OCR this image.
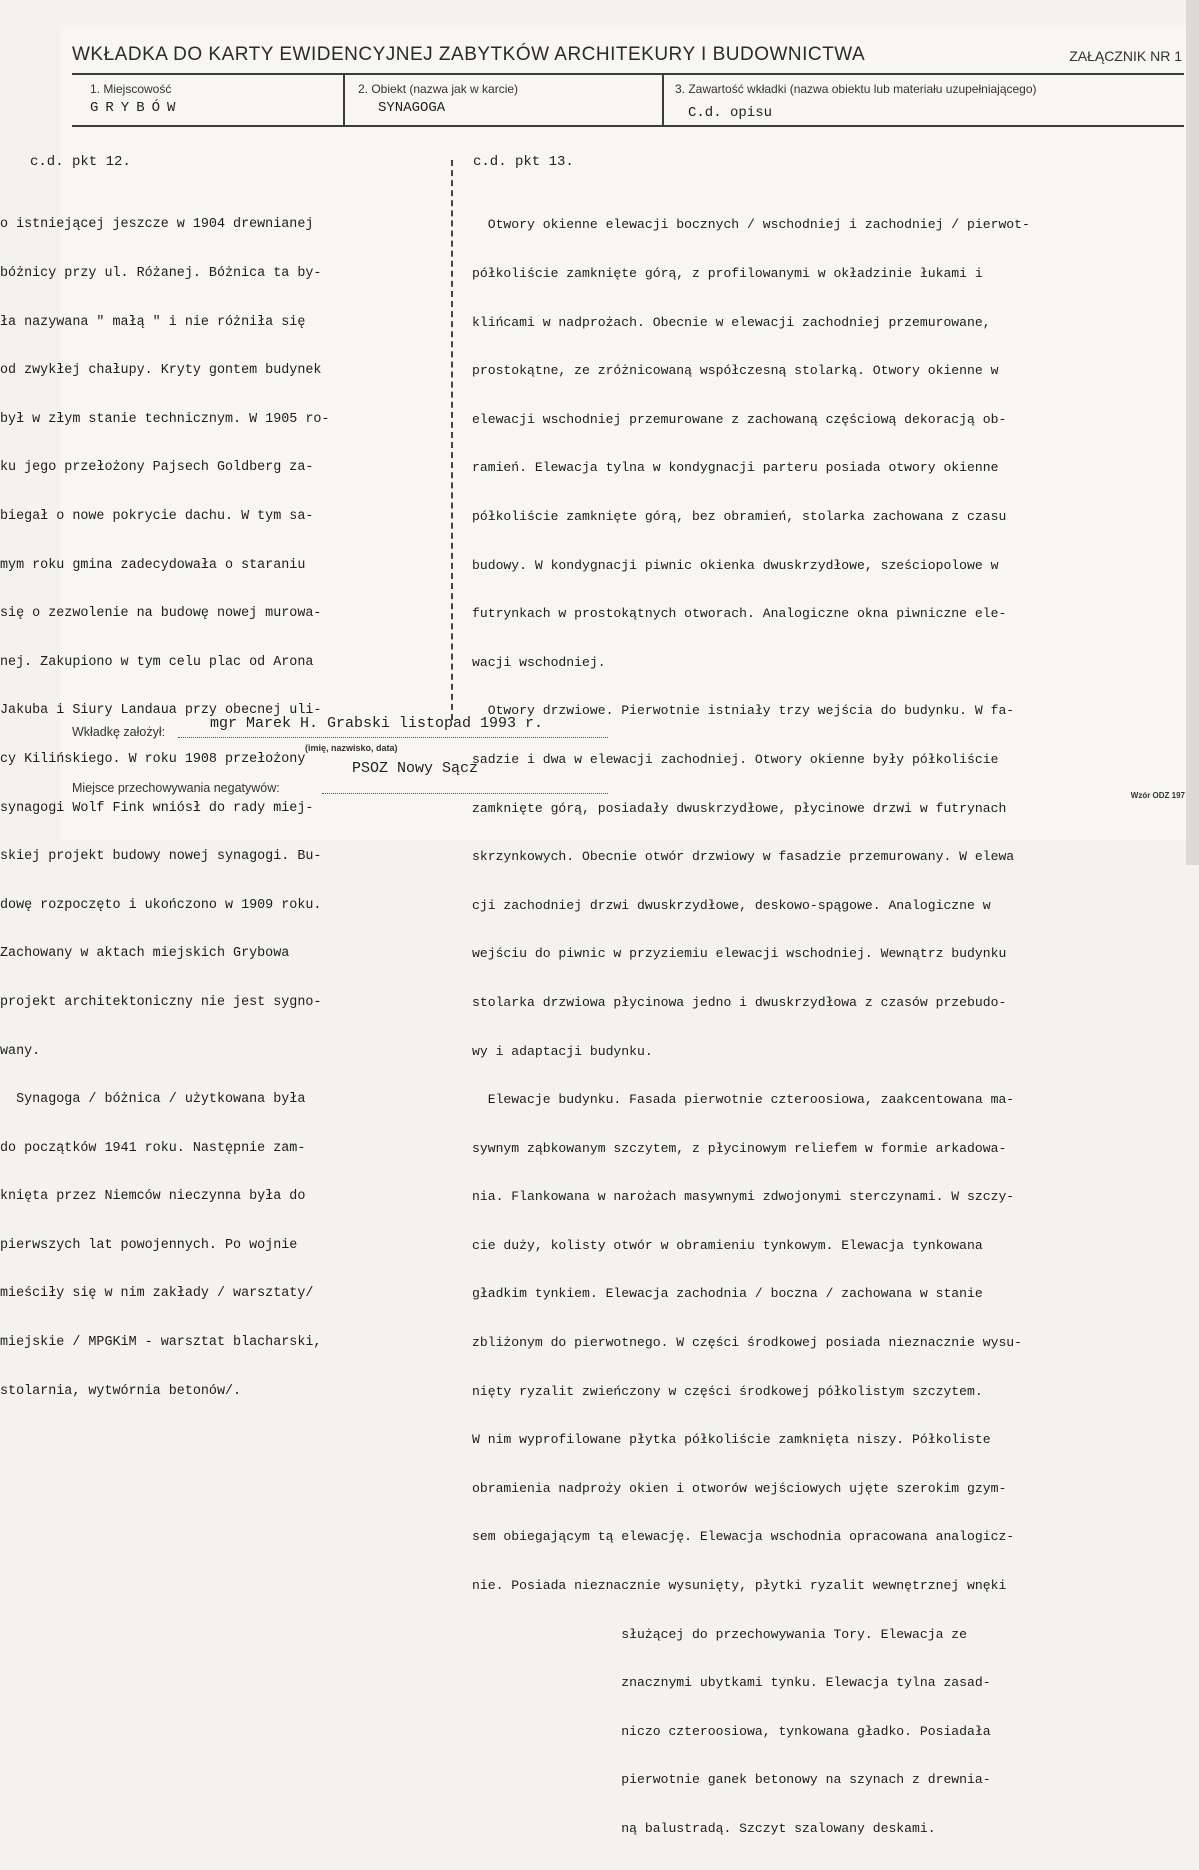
WKŁADKA DO KARTY EWIDENCYJNEJ ZABYTKÓW ARCHITEKURY I BUDOWNICTWA	ZAŁĄCZNIK NR 1
1. Miejscowość
GRYBÓW
2. Obiekt (nazwa jak w karcie)
SYNAGOGA
3. Zawartość wkładki (nazwa obiektu lub materiału uzupełniającego)
C.d. opisu
c.d. pkt 12.

o istniejącej jeszcze w 1904 drewnianej

bóżnicy przy ul. Różanej. Bóżnica ta by-

ła nazywana " małą " i nie różniła się

od zwykłej chałupy. Kryty gontem budynek

był w złym stanie technicznym. W 1905 ro-

ku jego przełożony Pajsech Goldberg za-

biegał o nowe pokrycie dachu. W tym sa-

mym roku gmina zadecydowała o staraniu

się o zezwolenie na budowę nowej murowa-

nej. Zakupiono w tym celu plac od Arona

Jakuba i Siury Landaua przy obecnej uli-

cy Kilińskiego. W roku 1908 przełożony

synagogi Wolf Fink wniósł do rady miej-

skiej projekt budowy nowej synagogi. Bu-

dowę rozpoczęto i ukończono w 1909 roku.

Zachowany w aktach miejskich Grybowa

projekt architektoniczny nie jest sygno-

wany.

Synagoga / bóżnica / użytkowana była

do początków 1941 roku. Następnie zam-

knięta przez Niemców nieczynna była do

pierwszych lat powojennych. Po wojnie

mieściły się w nim zakłady / warsztaty/

miejskie / MPGKiM - warsztat blacharski,

stolarnia, wytwórnia betonów/.

c.d. pkt 13.

Otwory okienne elewacji bocznych / wschodniej i zachodniej / pierwot-

półkoliście zamknięte górą, z profilowanymi w okładzinie łukami i

klińcami w nadprożach. Obecnie w elewacji zachodniej przemurowane,

prostokątne, ze zróżnicowaną współczesną stolarką. Otwory okienne w

elewacji wschodniej przemurowane z zachowaną częściową dekoracją ob-

ramień. Elewacja tylna w kondygnacji parteru posiada otwory okienne

półkoliście zamknięte górą, bez obramień, stolarka zachowana z czasu

budowy. W kondygnacji piwnic okienka dwuskrzydłowe, sześciopolowe w

futrynkach w prostokątnych otworach. Analogiczne okna piwniczne ele-

wacji wschodniej.

Otwory drzwiowe. Pierwotnie istniały trzy wejścia do budynku. W fa-

sadzie i dwa w elewacji zachodniej. Otwory okienne były półkoliście

zamknięte górą, posiadały dwuskrzydłowe, płycinowe drzwi w futrynach

skrzynkowych. Obecnie otwór drzwiowy w fasadzie przemurowany. W elewa

cji zachodniej drzwi dwuskrzydłowe, deskowo-spągowe. Analogiczne w

wejściu do piwnic w przyziemiu elewacji wschodniej. Wewnątrz budynku

stolarka drzwiowa płycinowa jedno i dwuskrzydłowa z czasów przebudo-

wy i adaptacji budynku.

Elewacje budynku. Fasada pierwotnie czteroosiowa, zaakcentowana ma-

sywnym ząbkowanym szczytem, z płycinowym reliefem w formie arkadowa-

nia. Flankowana w narożach masywnymi zdwojonymi sterczynami. W szczy-

cie duży, kolisty otwór w obramieniu tynkowym. Elewacja tynkowana

gładkim tynkiem. Elewacja zachodnia / boczna / zachowana w stanie

zbliżonym do pierwotnego. W części środkowej posiada nieznacznie wysu-

nięty ryzalit zwieńczony w części środkowej półkolistym szczytem.

W nim wyprofilowane płytka półkoliście zamknięta niszy. Półkoliste

obramienia nadproży okien i otworów wejściowych ujęte szerokim gzym-

sem obiegającym tą elewację. Elewacja wschodnia opracowana analogicz-

nie. Posiada nieznacznie wysunięty, płytki ryzalit wewnętrznej wnęki

służącej do przechowywania Tory. Elewacja ze

znacznymi ubytkami tynku. Elewacja tylna zasad-

niczo czteroosiowa, tynkowana gładko. Posiadała

pierwotnie ganek betonowy na szynach z drewnia-

ną balustradą. Szczyt szalowany deskami.

Wkładkę założył:	mgr Marek H. Grabski listopad 1993 r.
(imię, nazwisko, data)
PSOZ Nowy Sącz
Miejsce przechowywania negatywów:
Wzór ODZ 197
